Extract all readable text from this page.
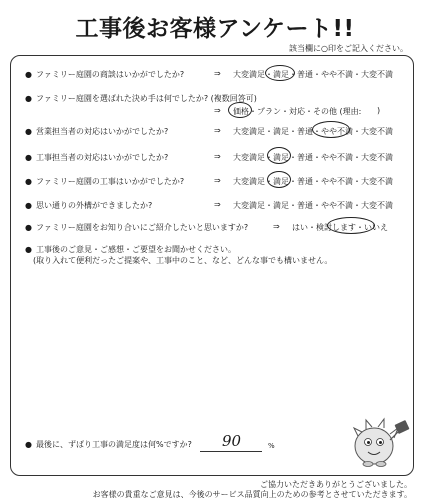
工事後お客様アンケート!!
該当欄に○印をご記入ください。
● ファミリー庭園の商談はいかがでしたか?	⇒ 大変満足・満足・普通・やや不満・大変不満
● ファミリー庭園を選ばれた決め手は何でしたか? (複数回答可)
⇒ 価格・プラン・対応・その他 (理由: )
● 営業担当者の対応はいかがでしたか?	⇒ 大変満足・満足・普通・やや不満・大変不満
● 工事担当者の対応はいかがでしたか?	⇒ 大変満足・満足・普通・やや不満・大変不満
● ファミリー庭園の工事はいかがでしたか?	⇒ 大変満足・満足・普通・やや不満・大変不満
● 思い通りの外構ができましたか?	⇒ 大変満足・満足・普通・やや不満・大変不満
● ファミリー庭園をお知り合いにご紹介したいと思いますか?	⇒ はい・検討します・いいえ
● 工事後のご意見・ご感想・ご要望をお聞かせください。
(取り入れて便利だったご提案や、工事中のこと、など、どんな事でも構いません。
● 最後に、ずばり工事の満足度は何%ですか? 90	%
ご協力いただきありがとうございました。
お客様の貴重なご意見は、今後のサービス品質向上のための参考とさせていただきます。
